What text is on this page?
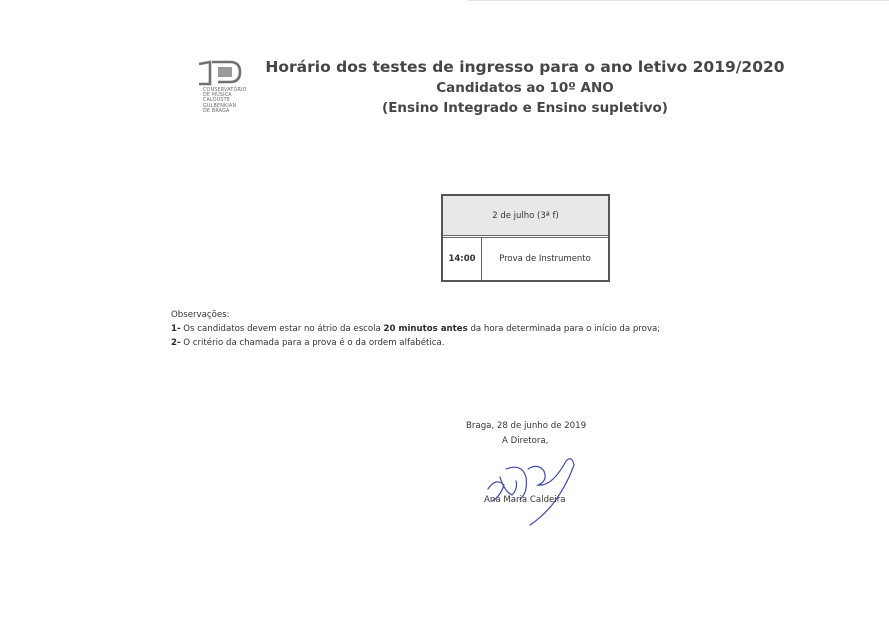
CONSERVATÓRIO
DE MÚSICA
CALOUSTE
GULBENKIAN
DE BRAGA
Horário dos testes de ingresso para o ano letivo 2019/2020
Candidatos ao 10º ANO
(Ensino Integrado e Ensino supletivo)
2 de julho (3ª f)

14:00	Prova de Instrumento
Observações:
1- Os candidatos devem estar no átrio da escola 20 minutos antes da hora determinada para o início da prova;
2- O critério da chamada para a prova é o da ordem alfabética.
Braga, 28 de junho de 2019
A Diretora,
Ana Maria Caldeira
